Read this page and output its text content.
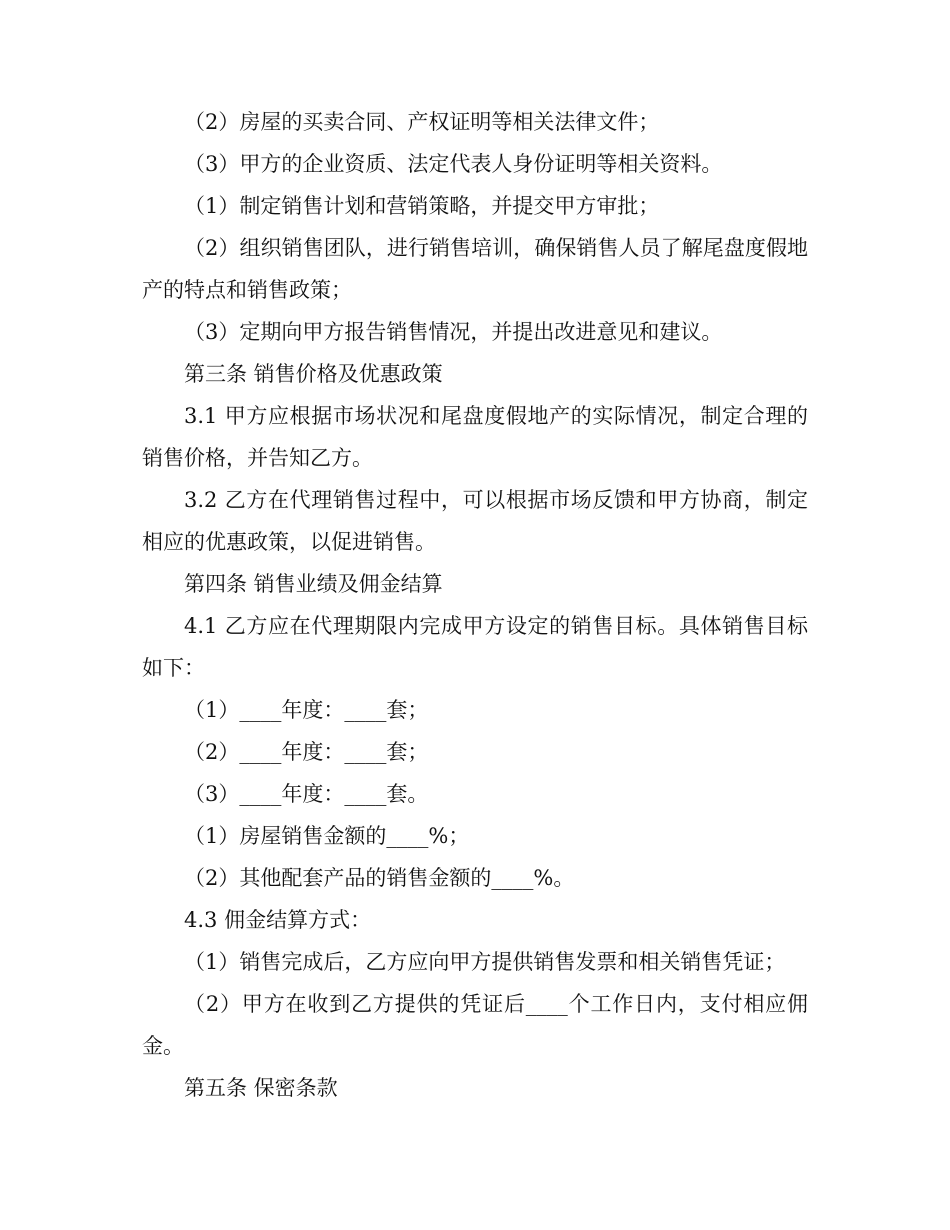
（2）房屋的买卖合同、产权证明等相关法律文件；

（3）甲方的企业资质、法定代表人身份证明等相关资料。

（1）制定销售计划和营销策略，并提交甲方审批；

（2）组织销售团队，进行销售培训，确保销售人员了解尾盘度假地产的特点和销售政策；

（3）定期向甲方报告销售情况，并提出改进意见和建议。

第三条 销售价格及优惠政策

3.1 甲方应根据市场状况和尾盘度假地产的实际情况，制定合理的销售价格，并告知乙方。

3.2 乙方在代理销售过程中，可以根据市场反馈和甲方协商，制定相应的优惠政策，以促进销售。

第四条 销售业绩及佣金结算

4.1 乙方应在代理期限内完成甲方设定的销售目标。具体销售目标如下：

（1）____年度：____套；

（2）____年度：____套；

（3）____年度：____套。

（1）房屋销售金额的____%；

（2）其他配套产品的销售金额的____%。

4.3 佣金结算方式：

（1）销售完成后，乙方应向甲方提供销售发票和相关销售凭证；

（2）甲方在收到乙方提供的凭证后____个工作日内，支付相应佣金。

第五条 保密条款
